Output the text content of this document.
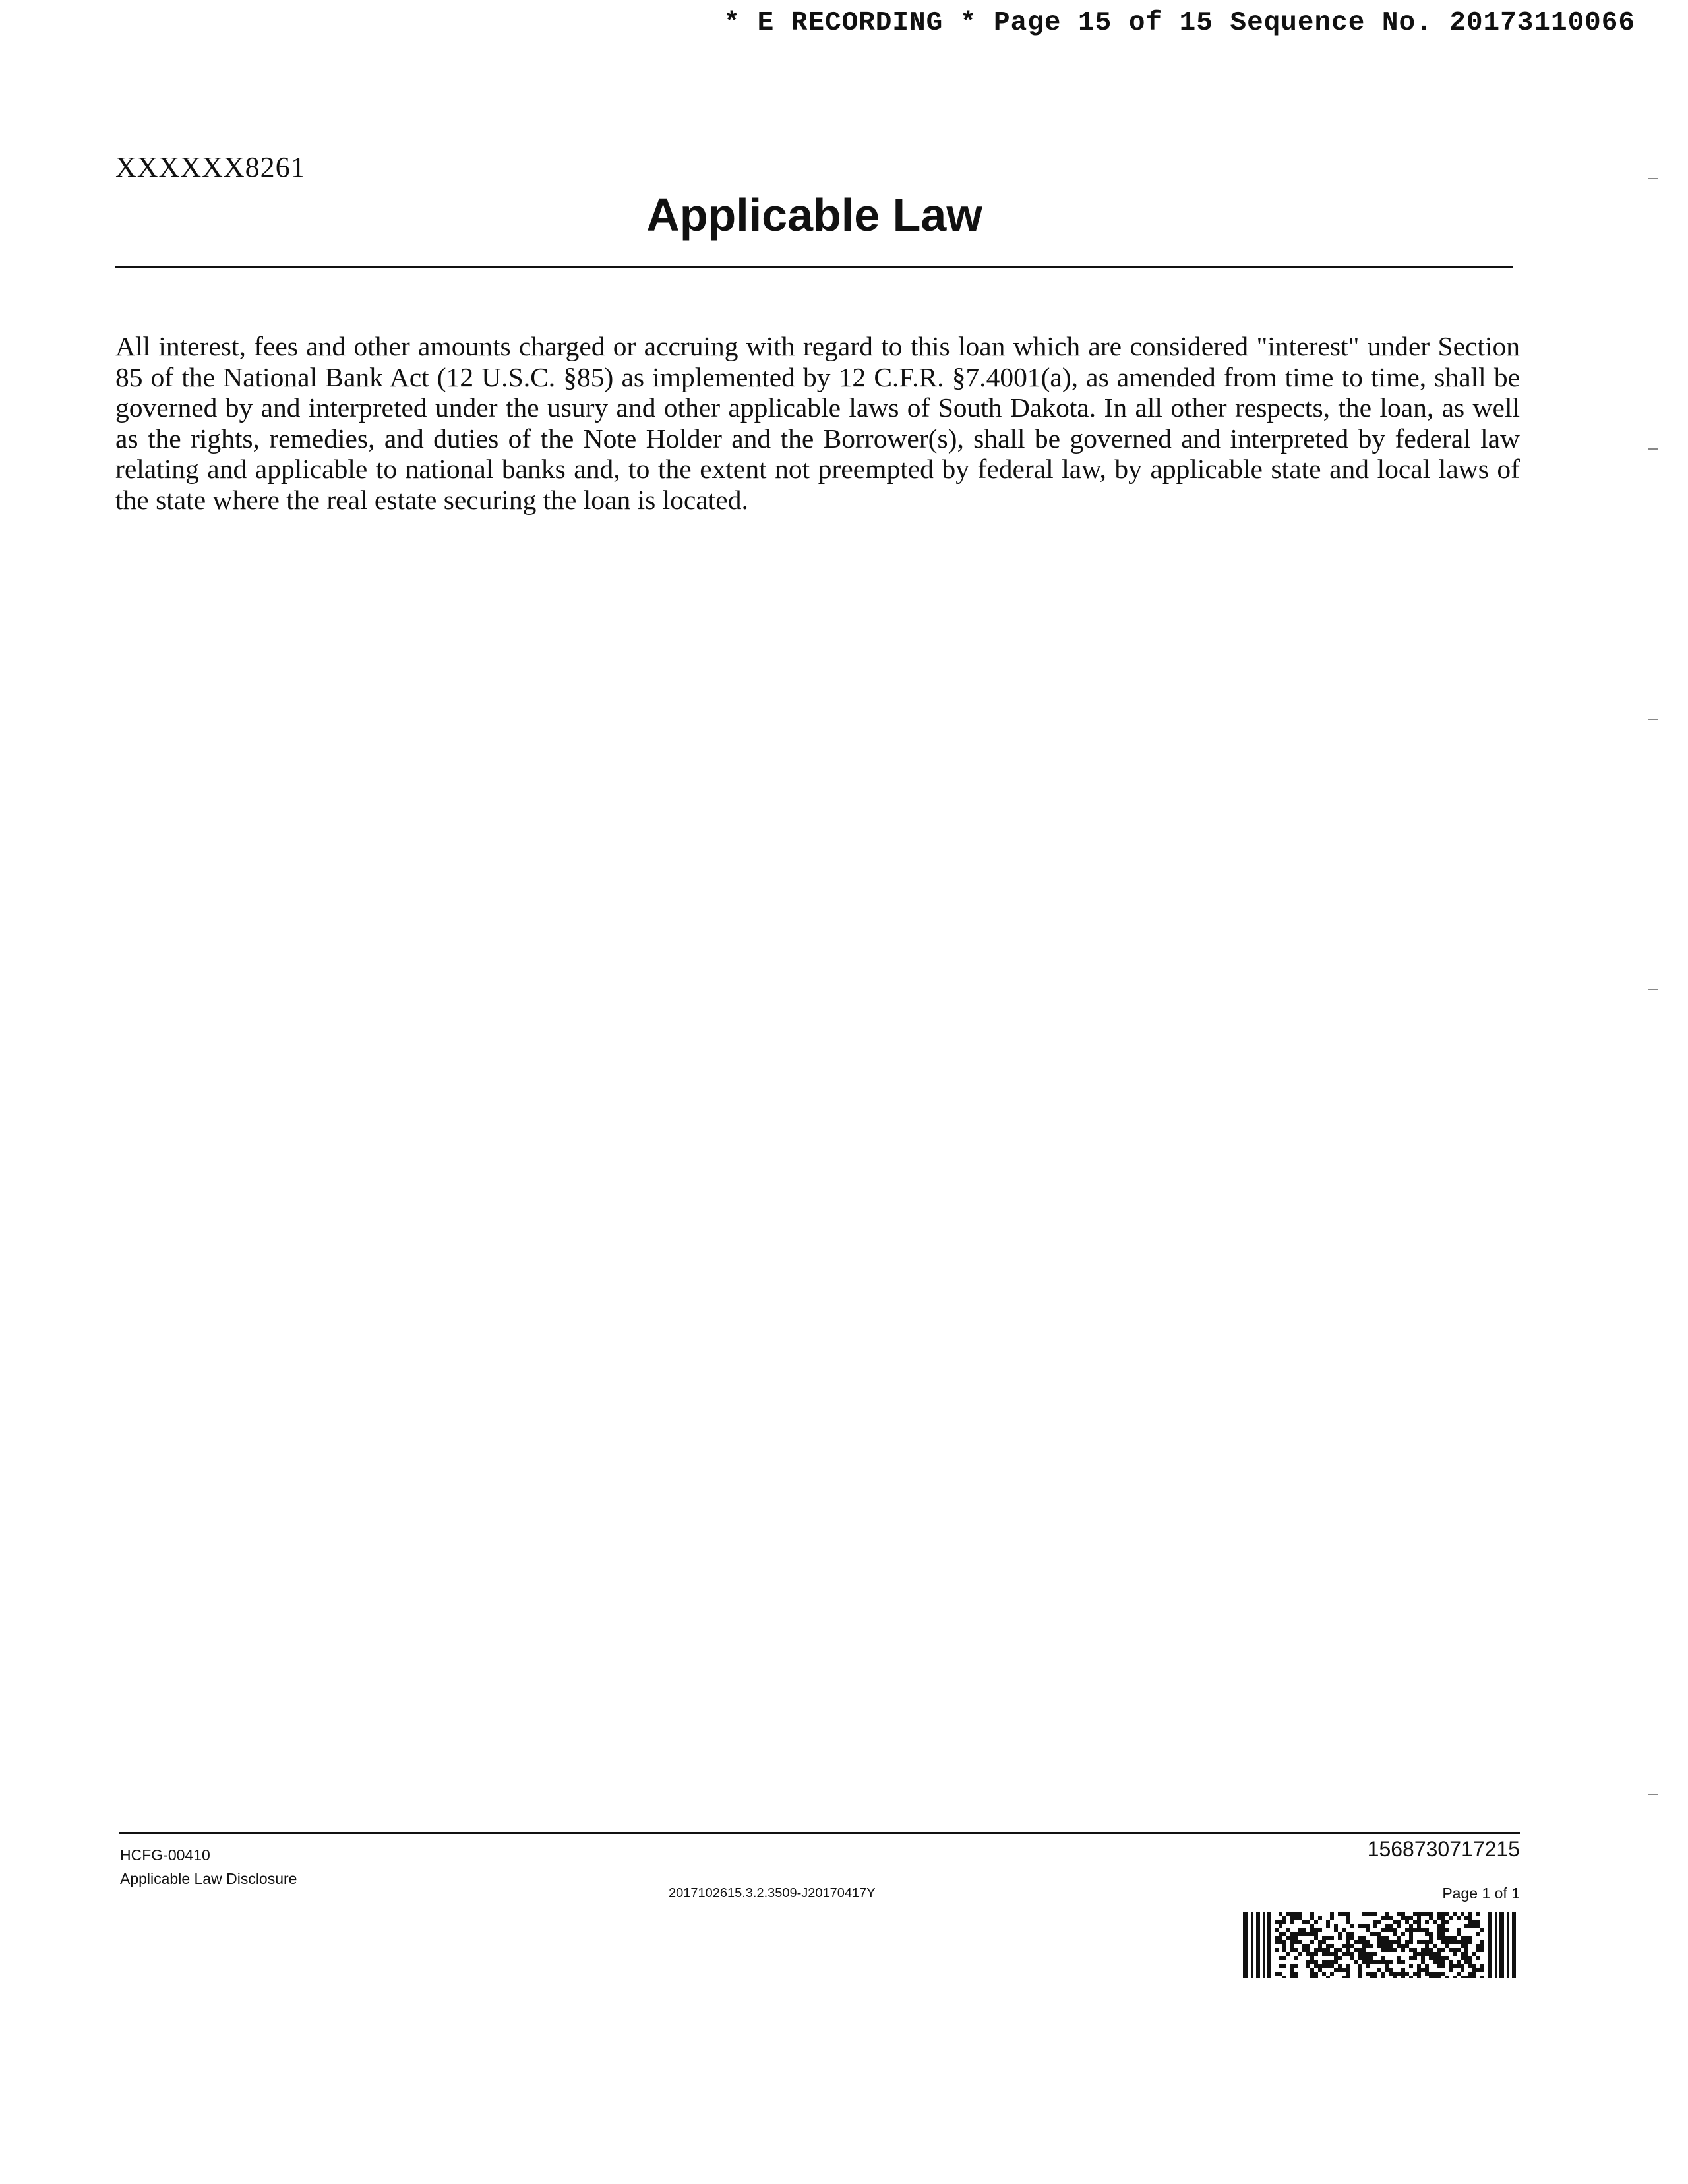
* E RECORDING * Page 15 of 15 Sequence No. 20173110066
XXXXXX8261
Applicable Law

All interest, fees and other amounts charged or accruing with regard to this loan which are considered "interest" under Section 85 of the National Bank Act (12 U.S.C. §85) as implemented by 12 C.F.R. §7.4001(a), as amended from time to time, shall be governed by and interpreted under the usury and other applicable laws of South Dakota. In all other respects, the loan, as well as the rights, remedies, and duties of the Note Holder and the Borrower(s), shall be governed and interpreted by federal law relating and applicable to national banks and, to the extent not preempted by federal law, by applicable state and local laws of the state where the real estate securing the loan is located.

HCFG-00410
Applicable Law Disclosure
1568730717215
2017102615.3.2.3509-J20170417Y	Page 1 of 1
